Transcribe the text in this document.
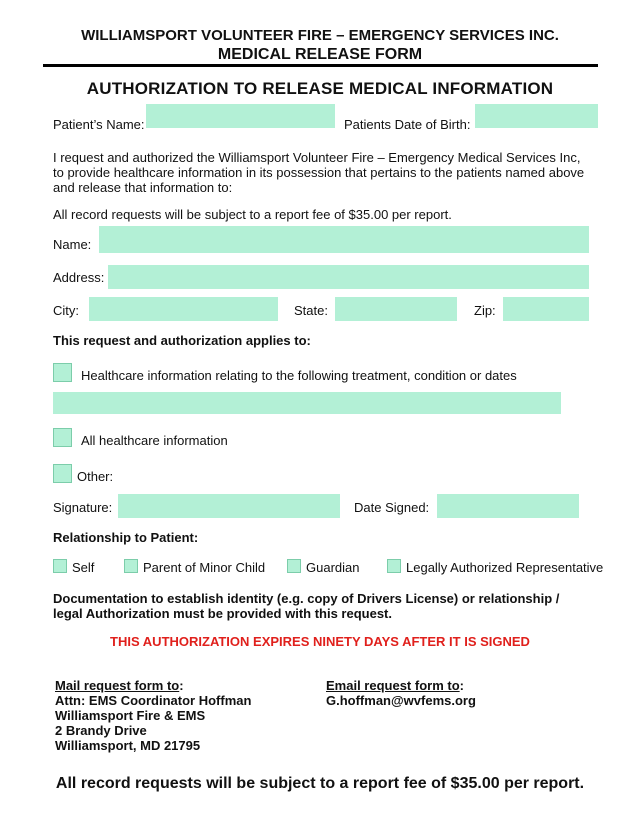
WILLIAMSPORT VOLUNTEER FIRE – EMERGENCY SERVICES INC.
MEDICAL RELEASE FORM
AUTHORIZATION TO RELEASE MEDICAL INFORMATION
Patient’s Name:	Patients Date of Birth:
I request and authorized the Williamsport Volunteer Fire – Emergency Medical Services Inc, to provide healthcare information in its possession that pertains to the patients named above and release that information to:
All record requests will be subject to a report fee of $35.00 per report.
Name:
Address:
City:	State:	Zip:
This request and authorization applies to:
Healthcare information relating to the following treatment, condition or dates
All healthcare information
Other:
Signature:	Date Signed:
Relationship to Patient:
Self	Parent of Minor Child	Guardian	Legally Authorized Representative
Documentation to establish identity (e.g. copy of Drivers License) or relationship / legal Authorization must be provided with this request.
THIS AUTHORIZATION EXPIRES NINETY DAYS AFTER IT IS SIGNED
Mail request form to:
Attn: EMS Coordinator Hoffman
Williamsport Fire & EMS
2 Brandy Drive
Williamsport, MD 21795
Email request form to:
G.hoffman@wvfems.org
All record requests will be subject to a report fee of $35.00 per report.
